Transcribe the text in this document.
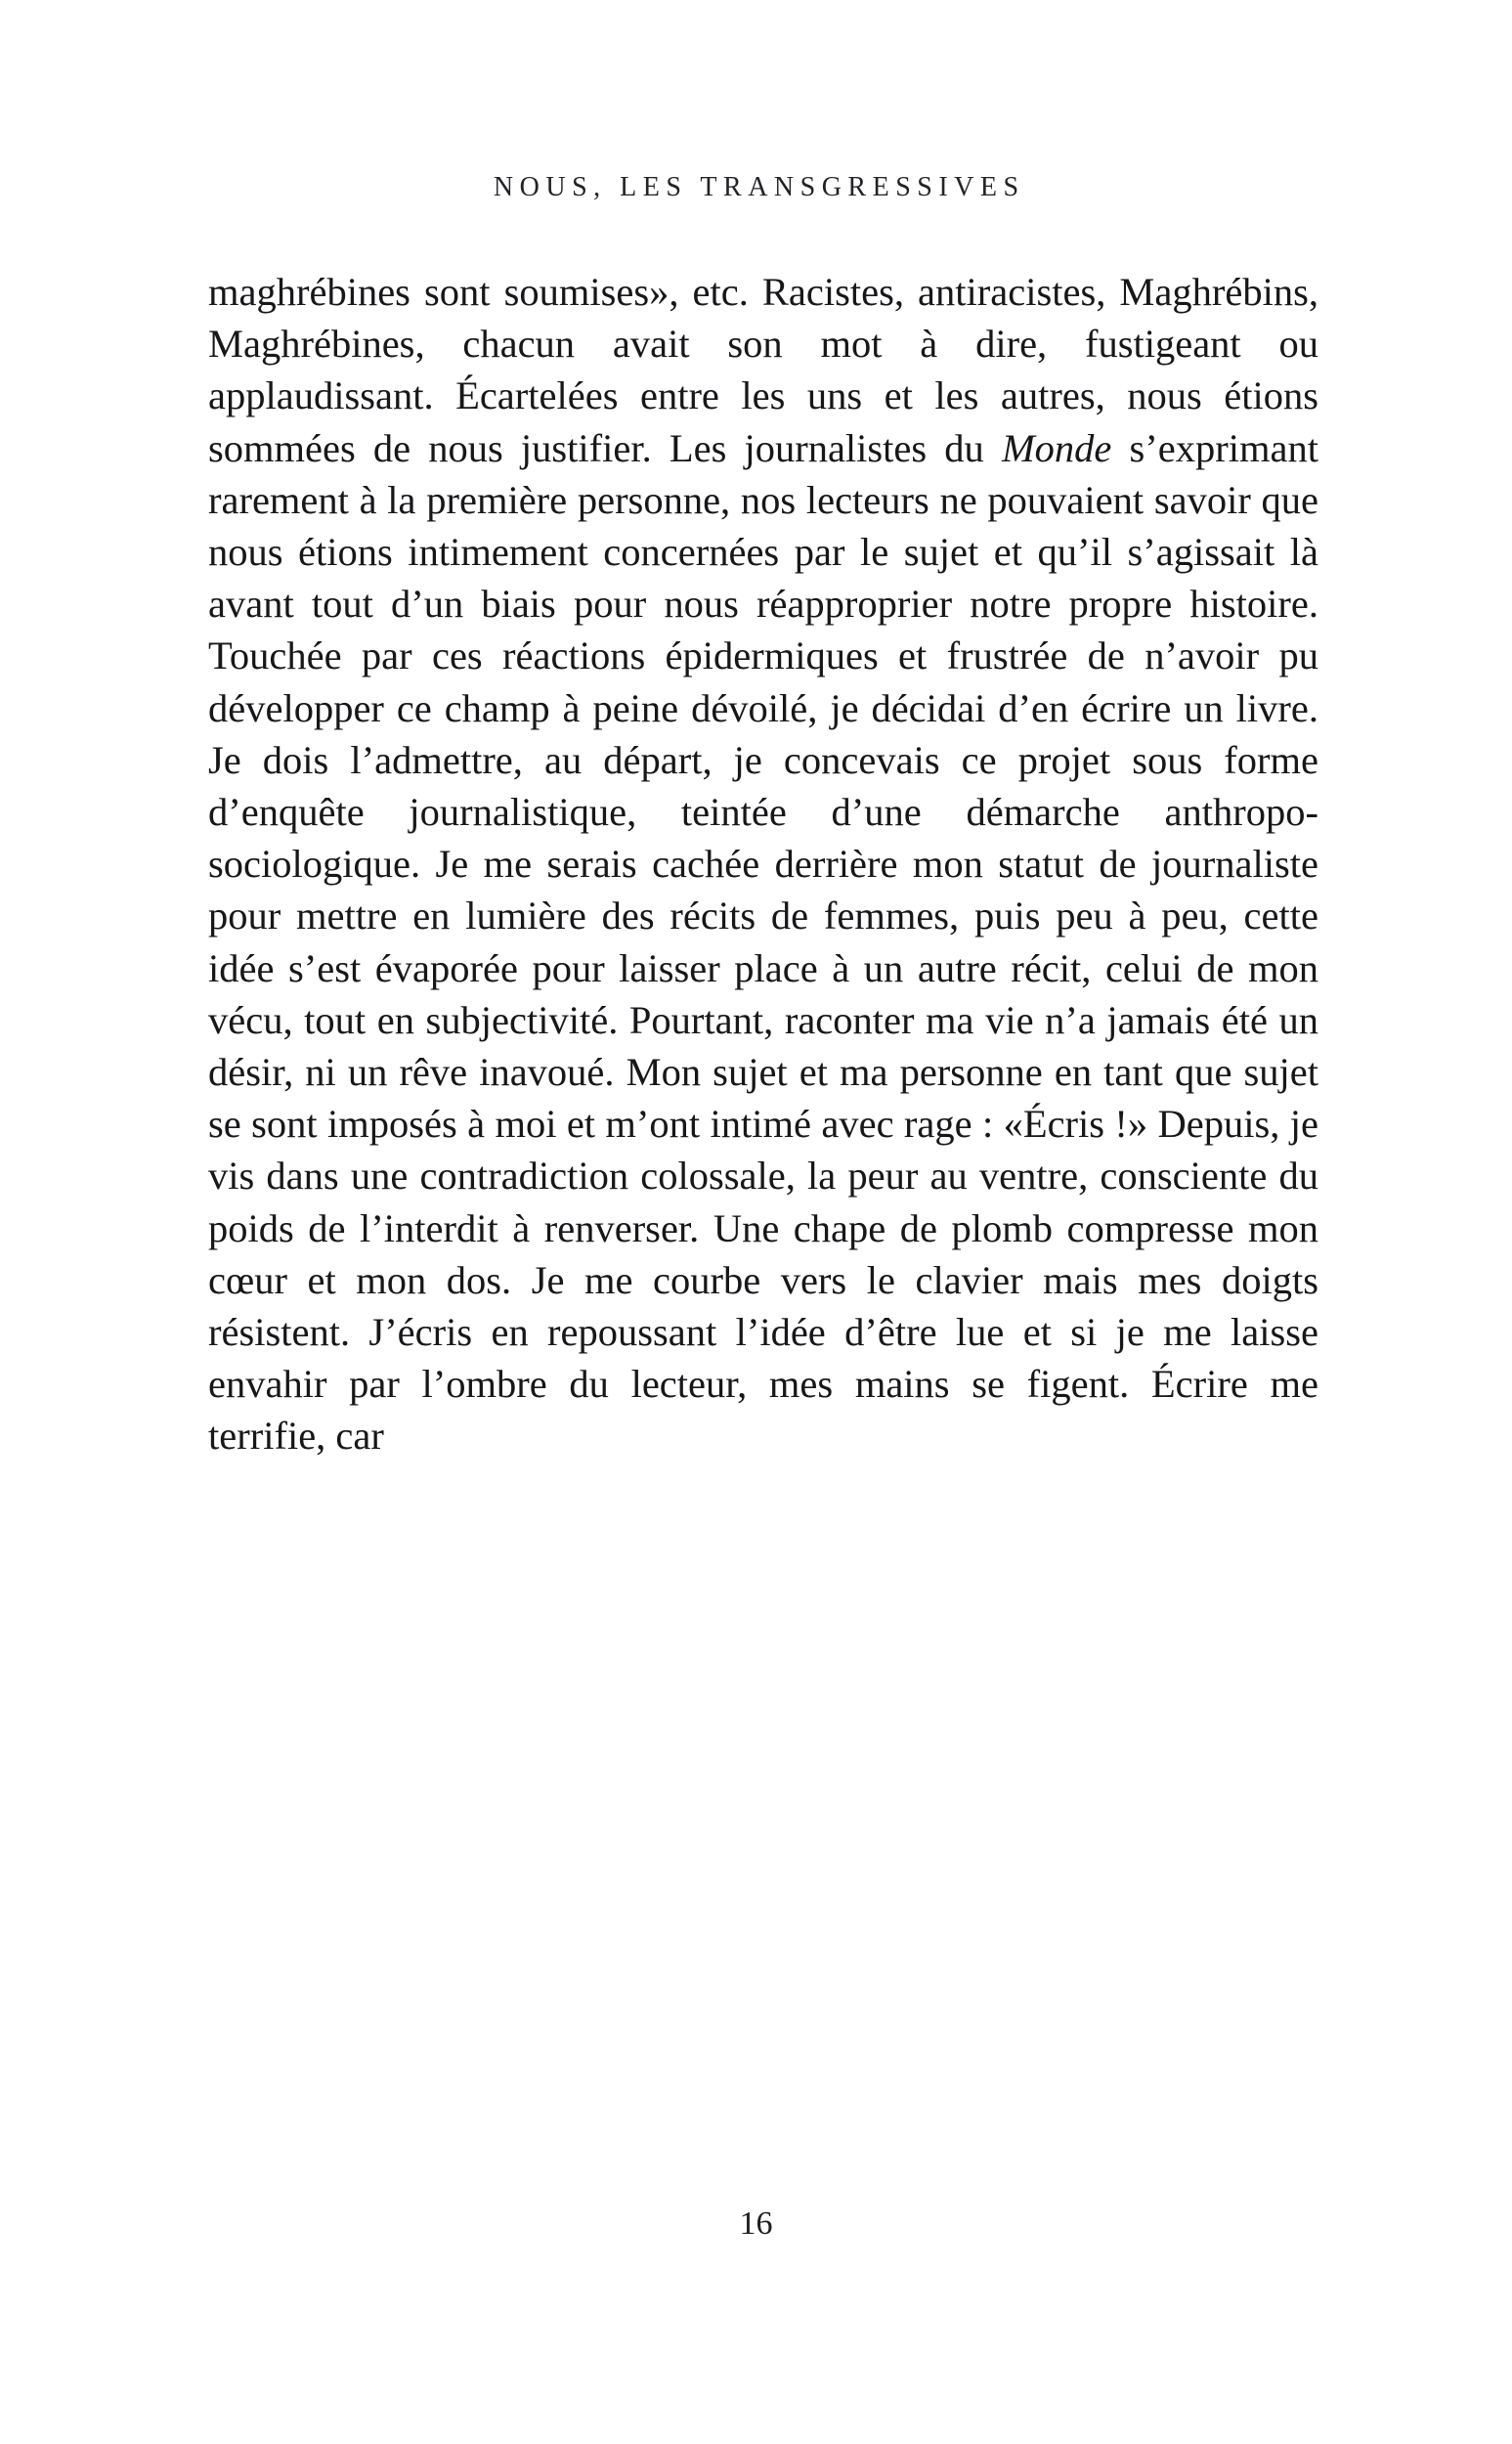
NOUS, LES TRANSGRESSIVES

maghrébines sont soumises», etc. Racistes, antiracistes, Maghrébins, Maghrébines, chacun avait son mot à dire, fustigeant ou applaudissant. Écartelées entre les uns et les autres, nous étions sommées de nous justifier. Les journalistes du Monde s’exprimant rarement à la première personne, nos lecteurs ne pouvaient savoir que nous étions intimement concernées par le sujet et qu’il s’agissait là avant tout d’un biais pour nous réapproprier notre propre histoire. Touchée par ces réactions épidermiques et frustrée de n’avoir pu développer ce champ à peine dévoilé, je décidai d’en écrire un livre. Je dois l’admettre, au départ, je concevais ce projet sous forme d’enquête journalistique, teintée d’une démarche anthropo-sociologique. Je me serais cachée derrière mon statut de journaliste pour mettre en lumière des récits de femmes, puis peu à peu, cette idée s’est évaporée pour laisser place à un autre récit, celui de mon vécu, tout en subjectivité. Pourtant, raconter ma vie n’a jamais été un désir, ni un rêve inavoué. Mon sujet et ma personne en tant que sujet se sont imposés à moi et m’ont intimé avec rage : «Écris !» Depuis, je vis dans une contradiction colossale, la peur au ventre, consciente du poids de l’interdit à renverser. Une chape de plomb compresse mon cœur et mon dos. Je me courbe vers le clavier mais mes doigts résistent. J’écris en repoussant l’idée d’être lue et si je me laisse envahir par l’ombre du lecteur, mes mains se figent. Écrire me terrifie, car

16
